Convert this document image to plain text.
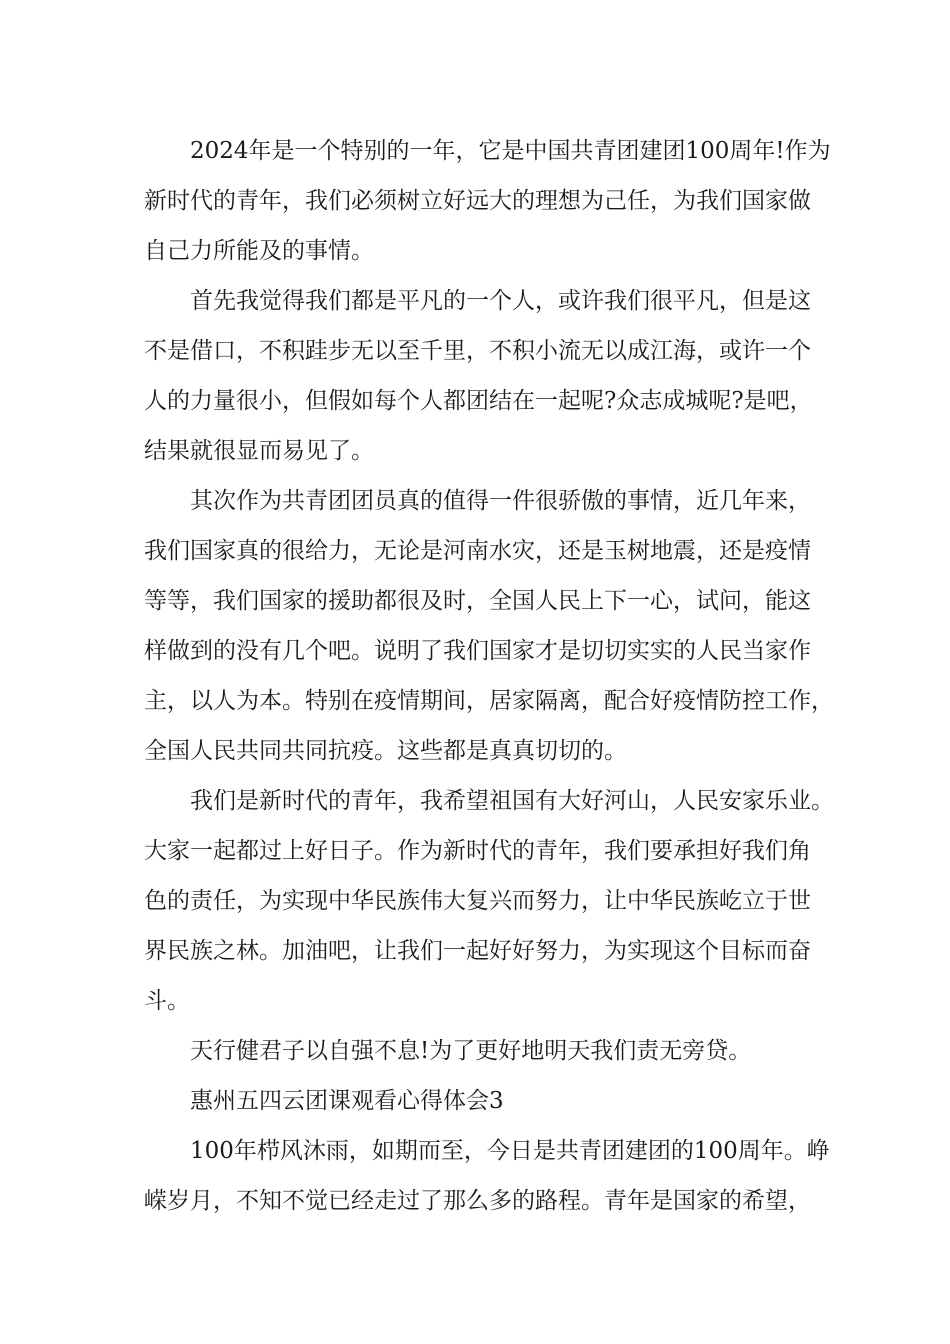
2024年是一个特别的一年，它是中国共青团建团100周年!作为
新时代的青年，我们必须树立好远大的理想为己任，为我们国家做
自己力所能及的事情。
首先我觉得我们都是平凡的一个人，或许我们很平凡，但是这
不是借口，不积跬步无以至千里，不积小流无以成江海，或许一个
人的力量很小，但假如每个人都团结在一起呢?众志成城呢?是吧，
结果就很显而易见了。
其次作为共青团团员真的值得一件很骄傲的事情，近几年来，
我们国家真的很给力，无论是河南水灾，还是玉树地震，还是疫情
等等，我们国家的援助都很及时，全国人民上下一心，试问，能这
样做到的没有几个吧。说明了我们国家才是切切实实的人民当家作
主，以人为本。特别在疫情期间，居家隔离，配合好疫情防控工作，
全国人民共同共同抗疫。这些都是真真切切的。
我们是新时代的青年，我希望祖国有大好河山，人民安家乐业。
大家一起都过上好日子。作为新时代的青年，我们要承担好我们角
色的责任，为实现中华民族伟大复兴而努力，让中华民族屹立于世
界民族之林。加油吧，让我们一起好好努力，为实现这个目标而奋
斗。
天行健君子以自强不息!为了更好地明天我们责无旁贷。
惠州五四云团课观看心得体会3
100年栉风沐雨，如期而至，今日是共青团建团的100周年。峥
嵘岁月，不知不觉已经走过了那么多的路程。青年是国家的希望，
